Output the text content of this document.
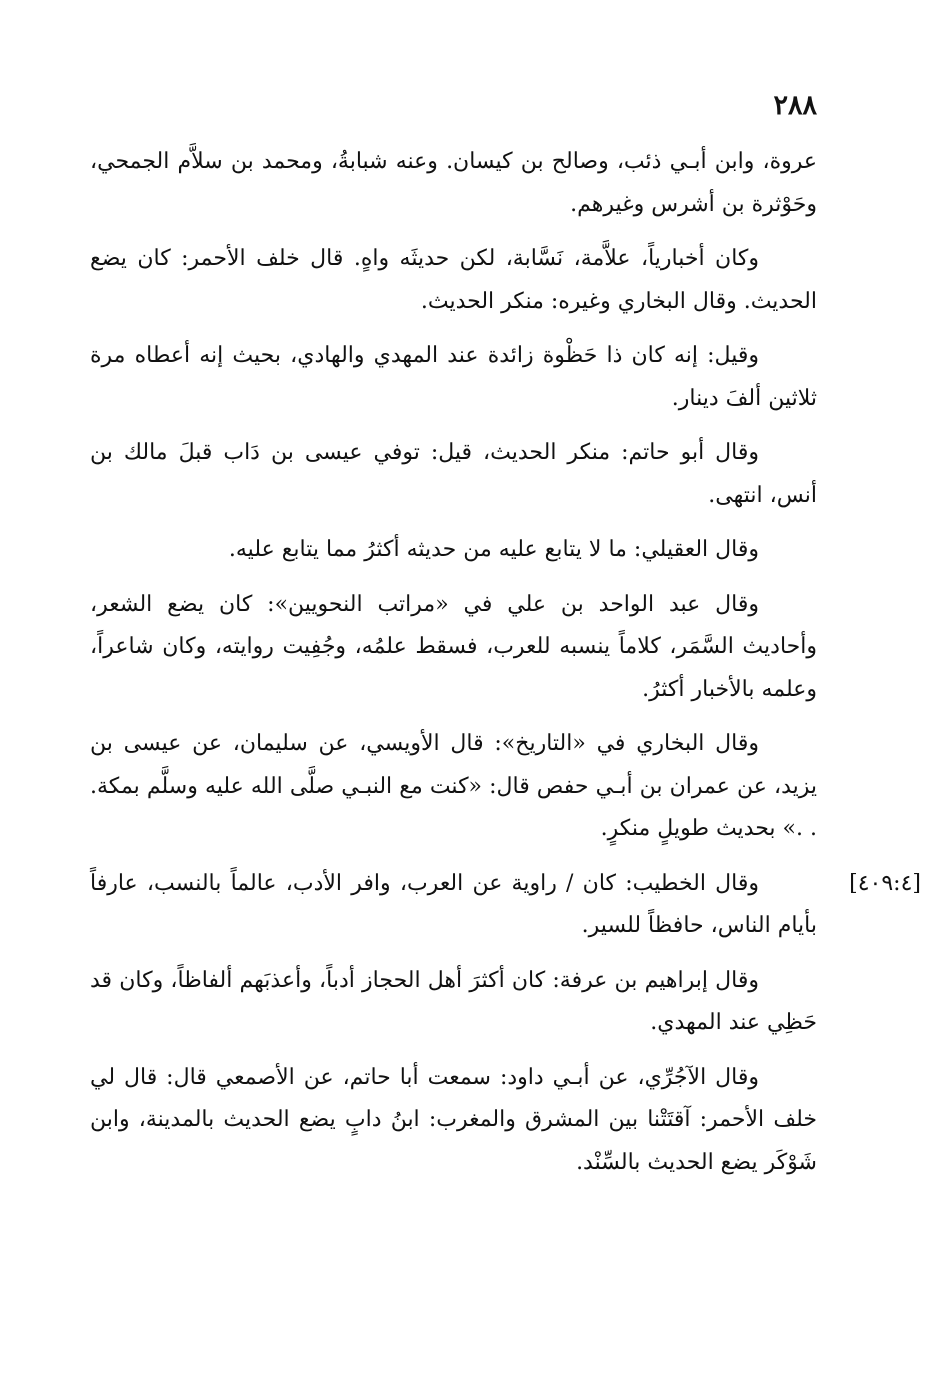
٢٨٨

عروة، وابن أبـي ذئب، وصالح بن كيسان. وعنه شبابةُ، ومحمد بن سلاَّم الجمحي، وحَوْثرة بن أشرس وغيرهم.

وكان أخبارياً، علاَّمة، نَسَّابة، لكن حديثَه واهٍ. قال خلف الأحمر: كان يضع الحديث. وقال البخاري وغيره: منكر الحديث.

وقيل: إنه كان ذا حَظْوة زائدة عند المهدي والهادي، بحيث إنه أعطاه مرة ثلاثين ألفَ دينار.

وقال أبو حاتم: منكر الحديث، قيل: توفي عيسى بن دَاب قبلَ مالك بن أنس، انتهى.

وقال العقيلي: ما لا يتابع عليه من حديثه أكثرُ مما يتابع عليه.

وقال عبد الواحد بن علي في «مراتب النحويين»: كان يضع الشعر، وأحاديث السَّمَر، كلاماً ينسبه للعرب، فسقط علمُه، وجُفِيت روايته، وكان شاعراً، وعلمه بالأخبار أكثرُ.

وقال البخاري في «التاريخ»: قال الأويسي، عن سليمان، عن عيسى بن يزيد، عن عمران بن أبـي حفص قال: «كنت مع النبـي صلَّى الله عليه وسلَّم بمكة. . .» بحديث طويلٍ منكرٍ.

[٤٠٩:٤]

وقال الخطيب: كان / راوية عن العرب، وافر الأدب، عالماً بالنسب، عارفاً بأيام الناس، حافظاً للسير.

وقال إبراهيم بن عرفة: كان أكثرَ أهل الحجاز أدباً، وأعذبَهم ألفاظاً، وكان قد حَظِي عند المهدي.

وقال الآجُرِّي، عن أبـي داود: سمعت أبا حاتم، عن الأصمعي قال: قال لي خلف الأحمر: آقتَتْنا بين المشرق والمغرب: ابنُ دابٍ يضع الحديث بالمدينة، وابن شَوْكَر يضع الحديث بالسِّنْد.
